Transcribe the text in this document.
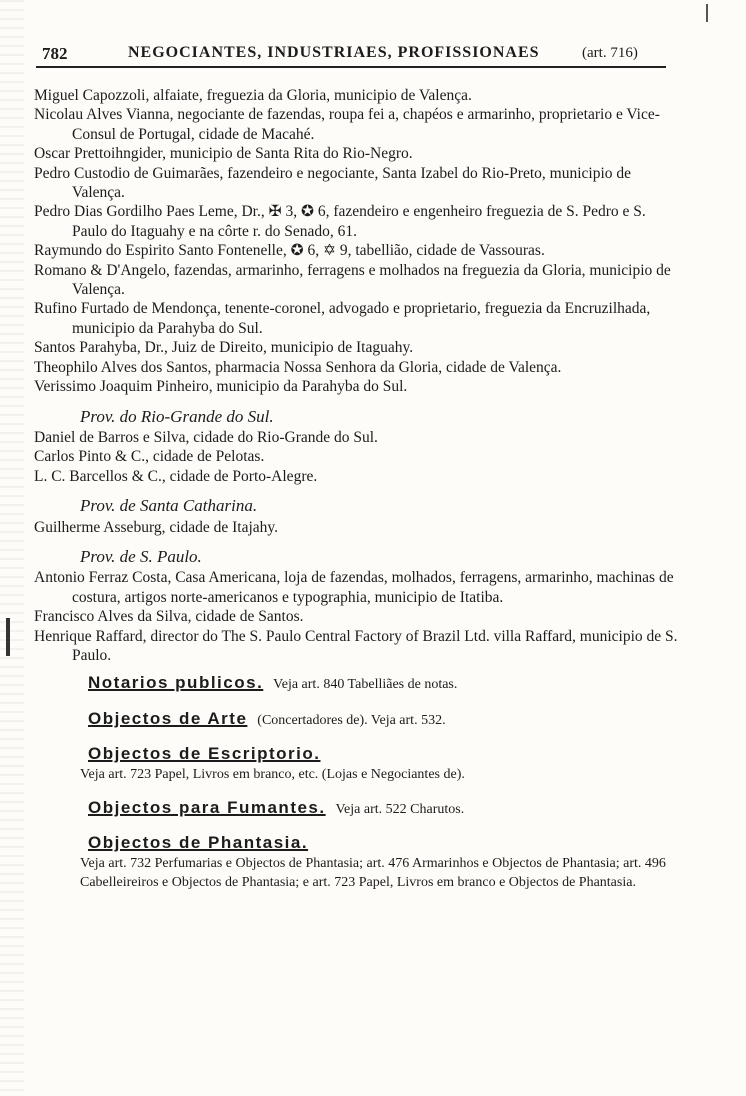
782	NEGOCIANTES, INDUSTRIAES, PROFISSIONAES	(art. 716)

Miguel Capozzoli, alfaiate, freguezia da Gloria, municipio de Valença.

Nicolau Alves Vianna, negociante de fazendas, roupa fei a, chapéos e armarinho, proprietario e Vice-Consul de Portugal, cidade de Macahé.

Oscar Prettoihngider, municipio de Santa Rita do Rio-Negro.

Pedro Custodio de Guimarães, fazendeiro e negociante, Santa Izabel do Rio-Preto, municipio de Valença.

Pedro Dias Gordilho Paes Leme, Dr., ✠ 3, ✪ 6, fazendeiro e engenheiro freguezia de S. Pedro e S. Paulo do Itaguahy e na côrte r. do Senado, 61.

Raymundo do Espirito Santo Fontenelle, ✪ 6, ✡ 9, tabellião, cidade de Vassouras.

Romano & D'Angelo, fazendas, armarinho, ferragens e molhados na freguezia da Gloria, municipio de Valença.

Rufino Furtado de Mendonça, tenente-coronel, advogado e proprietario, freguezia da Encruzilhada, municipio da Parahyba do Sul.

Santos Parahyba, Dr., Juiz de Direito, municipio de Itaguahy.

Theophilo Alves dos Santos, pharmacia Nossa Senhora da Gloria, cidade de Valença.

Verissimo Joaquim Pinheiro, municipio da Parahyba do Sul.

Prov. do Rio-Grande do Sul.

Daniel de Barros e Silva, cidade do Rio-Grande do Sul.

Carlos Pinto & C., cidade de Pelotas.

L. C. Barcellos & C., cidade de Porto-Alegre.

Prov. de Santa Catharina.

Guilherme Asseburg, cidade de Itajahy.

Prov. de S. Paulo.

Antonio Ferraz Costa, Casa Americana, loja de fazendas, molhados, ferragens, armarinho, machinas de costura, artigos norte-americanos e typographia, municipio de Itatiba.

Francisco Alves da Silva, cidade de Santos.

Henrique Raffard, director do The S. Paulo Central Factory of Brazil Ltd. villa Raffard, municipio de S. Paulo.

Notarios publicos. Veja art. 840 Tabelliães de notas.

Objectos de Arte (Concertadores de). Veja art. 532.

Objectos de Escriptorio.
Veja art. 723 Papel, Livros em branco, etc. (Lojas e Negociantes de).

Objectos para Fumantes. Veja art. 522 Charutos.

Objectos de Phantasia.
Veja art. 732 Perfumarias e Objectos de Phantasia; art. 476 Armarinhos e Objectos de Phantasia; art. 496 Cabelleireiros e Objectos de Phantasia; e art. 723 Papel, Livros em branco e Objectos de Phantasia.
